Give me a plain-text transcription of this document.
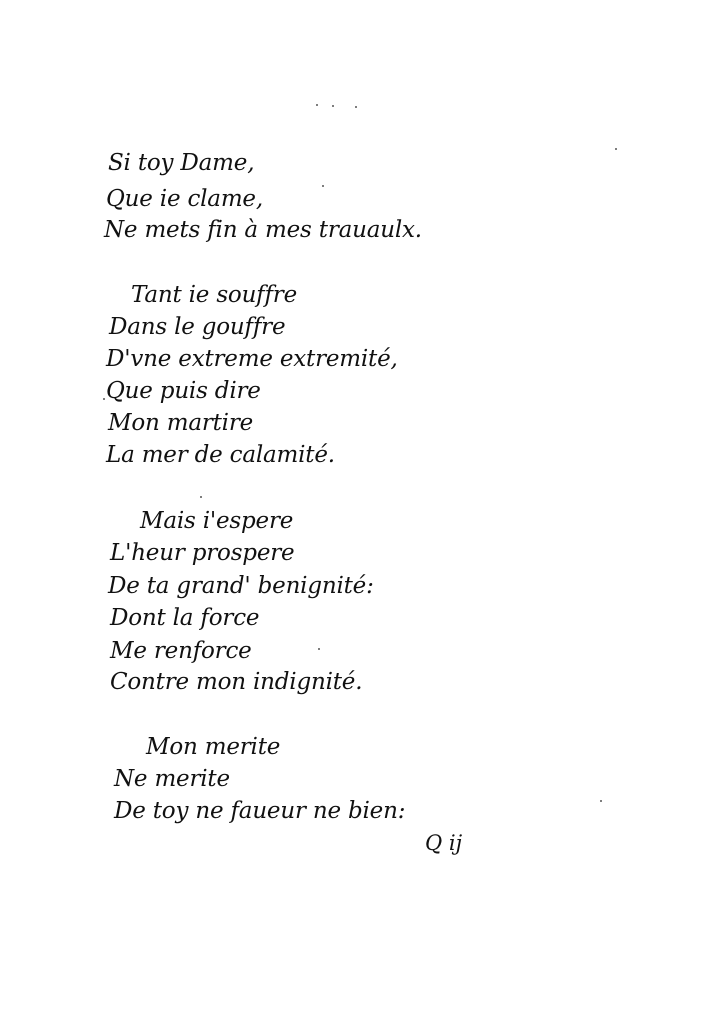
Si toy Dame,
Que ie clame,
Ne mets fin à mes trauaulx.
Tant ie souffre
Dans le gouffre
D'vne extreme extremité,
Que puis dire
Mon martire
La mer de calamité.
Mais i'espere
L'heur prospere
De ta grand' benignité:
Dont la force
Me renforce
Contre mon indignité.
Mon merite
Ne merite
De toy ne faueur ne bien:
Q ij
